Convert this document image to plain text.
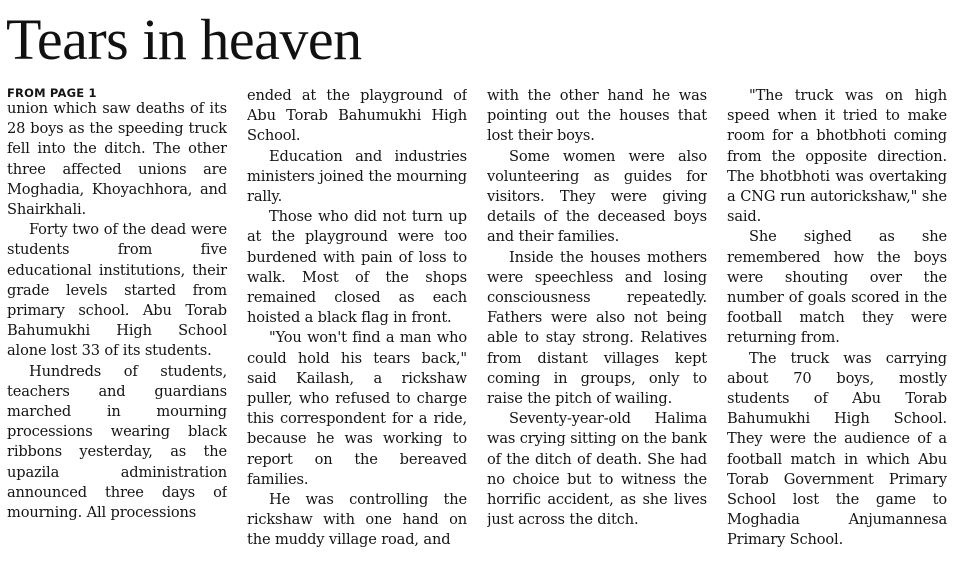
Tears in heaven
FROM PAGE 1

union which saw deaths of its 28 boys as the speeding truck fell into the ditch. The other three affected unions are Moghadia, Khoyachhora, and Shairkhali.

Forty two of the dead were students from five educational institutions, their grade levels started from primary school. Abu Torab Bahumukhi High School alone lost 33 of its students.

Hundreds of students, teachers and guardians marched in mourning processions wearing black ribbons yesterday, as the upazila administration announced three days of mourning. All processions

ended at the playground of Abu Torab Bahumukhi High School.

Education and industries ministers joined the mourning rally.

Those who did not turn up at the playground were too burdened with pain of loss to walk. Most of the shops remained closed as each hoisted a black flag in front.

"You won't find a man who could hold his tears back," said Kailash, a rickshaw puller, who refused to charge this correspondent for a ride, because he was working to report on the bereaved families.

He was controlling the rickshaw with one hand on the muddy village road, and

with the other hand he was pointing out the houses that lost their boys.

Some women were also volunteering as guides for visitors. They were giving details of the deceased boys and their families.

Inside the houses mothers were speechless and losing consciousness repeatedly. Fathers were also not being able to stay strong. Relatives from distant villages kept coming in groups, only to raise the pitch of wailing.

Seventy-year-old Halima was crying sitting on the bank of the ditch of death. She had no choice but to witness the horrific accident, as she lives just across the ditch.

"The truck was on high speed when it tried to make room for a bhotbhoti coming from the opposite direction. The bhotbhoti was overtaking a CNG run autorickshaw," she said.

She sighed as she remembered how the boys were shouting over the number of goals scored in the football match they were returning from.

The truck was carrying about 70 boys, mostly students of Abu Torab Bahumukhi High School. They were the audience of a football match in which Abu Torab Government Primary School lost the game to Moghadia Anjumannesa Primary School.
